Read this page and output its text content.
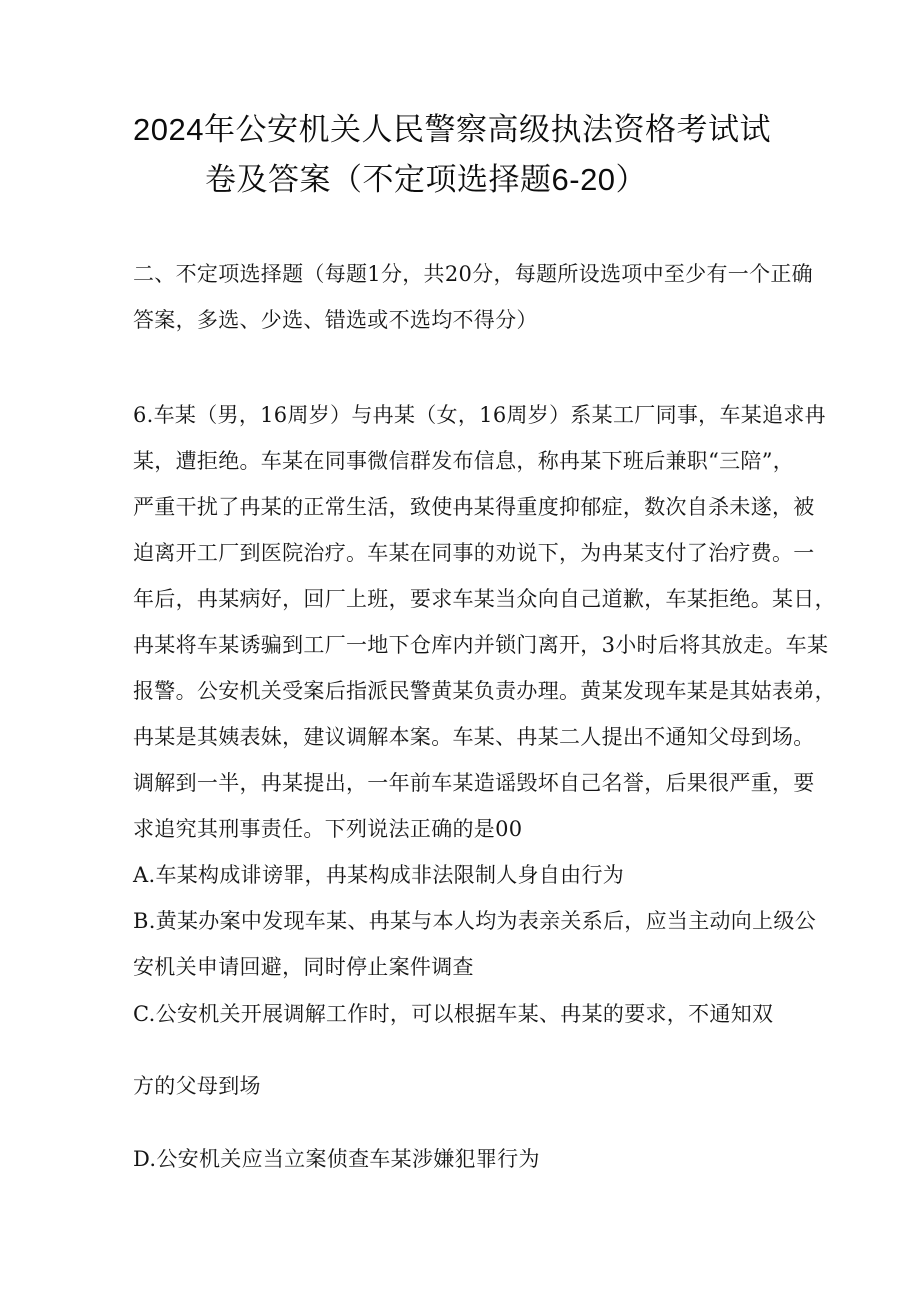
2024年公安机关人民警察高级执法资格考试试
卷及答案（不定项选择题6-20）
二、不定项选择题（每题1分，共20分，每题所设选项中至少有一个正确
答案，多选、少选、错选或不选均不得分）
6.车某（男，16周岁）与冉某（女，16周岁）系某工厂同事，车某追求冉
某，遭拒绝。车某在同事微信群发布信息，称冉某下班后兼职“三陪”，
严重干扰了冉某的正常生活，致使冉某得重度抑郁症，数次自杀未遂，被
迫离开工厂到医院治疗。车某在同事的劝说下，为冉某支付了治疗费。一
年后，冉某病好，回厂上班，要求车某当众向自己道歉，车某拒绝。某日，
冉某将车某诱骗到工厂一地下仓库内并锁门离开，3小时后将其放走。车某
报警。公安机关受案后指派民警黄某负责办理。黄某发现车某是其姑表弟，
冉某是其姨表妹，建议调解本案。车某、冉某二人提出不通知父母到场。
调解到一半，冉某提出，一年前车某造谣毁坏自己名誉，后果很严重，要
求追究其刑事责任。下列说法正确的是00
A.车某构成诽谤罪，冉某构成非法限制人身自由行为
B.黄某办案中发现车某、冉某与本人均为表亲关系后，应当主动向上级公
安机关申请回避，同时停止案件调查
C.公安机关开展调解工作时，可以根据车某、冉某的要求，不通知双
方的父母到场
D.公安机关应当立案侦查车某涉嫌犯罪行为
